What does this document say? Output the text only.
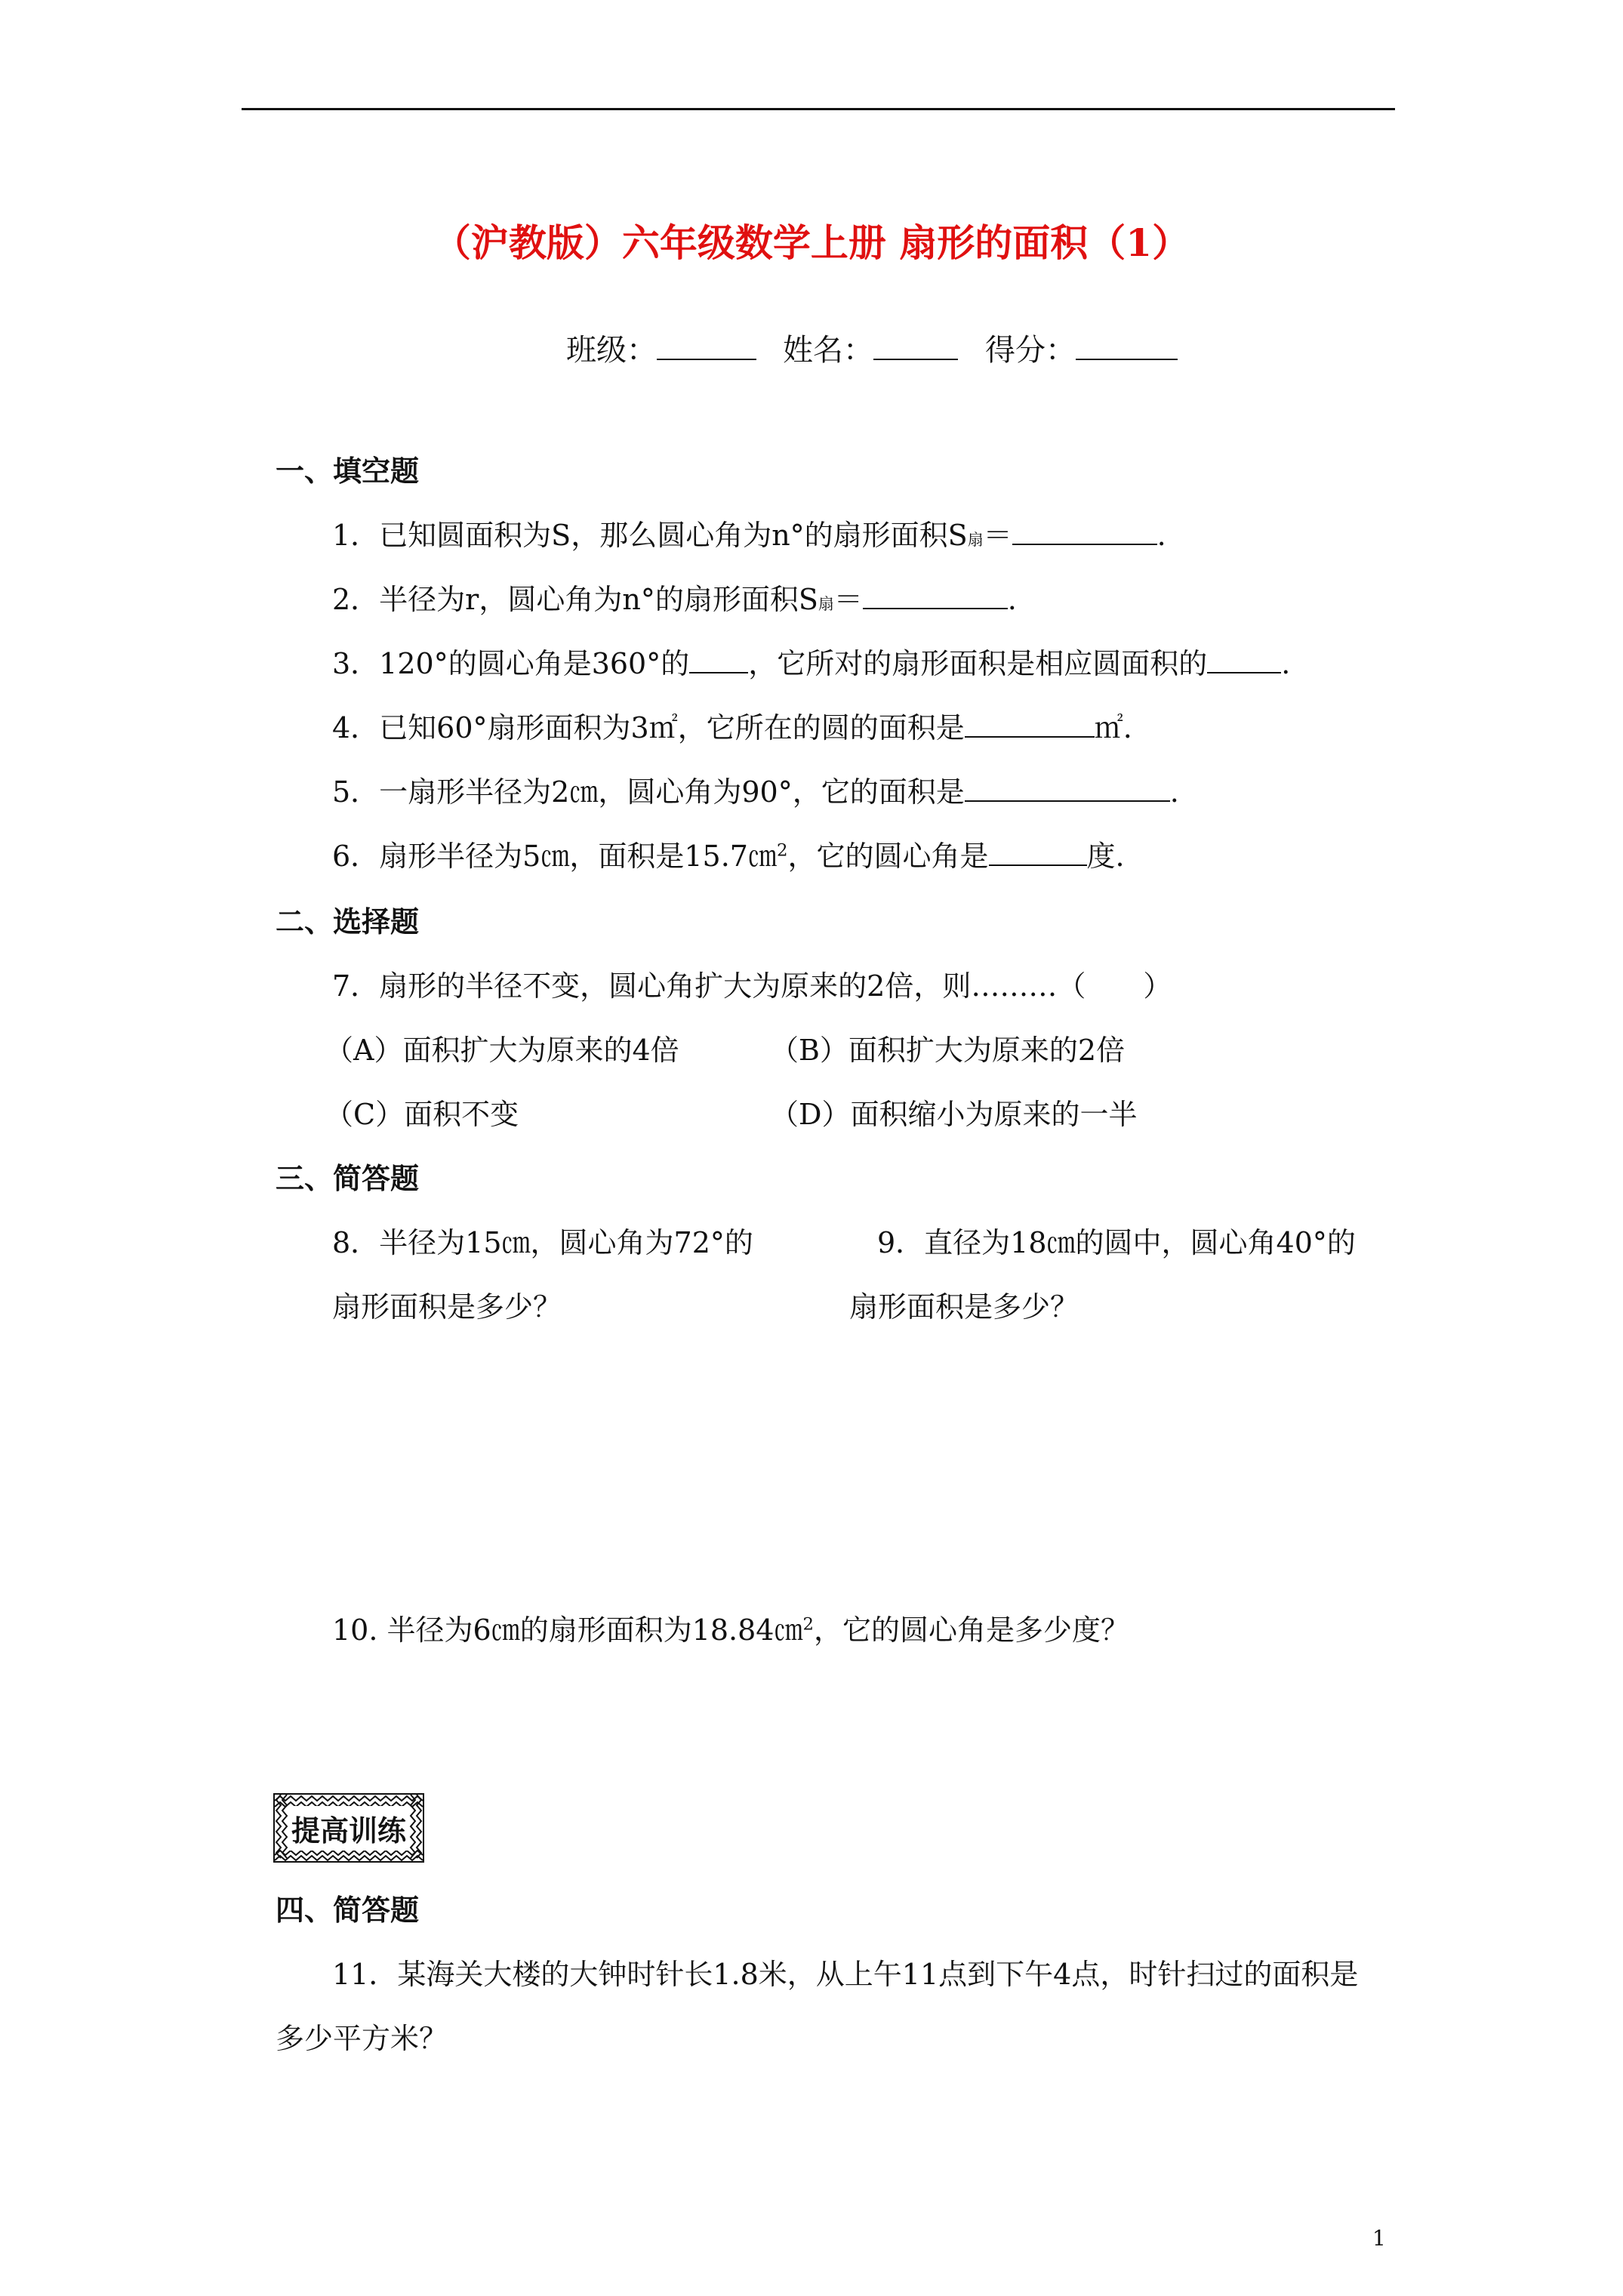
（沪教版）六年级数学上册 扇形的面积（1）
班级：	姓名：	得分：
一、填空题
1．已知圆面积为S，那么圆心角为n°的扇形面积S扇＝	.
2．半径为r，圆心角为n°的扇形面积S扇＝	.
3．120°的圆心角是360°的 ，它所对的扇形面积是相应圆面积的	.
4．已知60°扇形面积为3㎡，它所在的圆的面积是	㎡.
5．一扇形半径为2㎝，圆心角为90°，它的面积是	.
6．扇形半径为5㎝，面积是15.7㎝$^2$，它的圆心角是	度.
二、选择题
7．扇形的半径不变，圆心角扩大为原来的2倍，则………（　　）
（A）面积扩大为原来的4倍	（B）面积扩大为原来的2倍
（C）面积不变	（D）面积缩小为原来的一半
三、简答题
8．半径为15㎝，圆心角为72°的
扇形面积是多少？
9．直径为18㎝的圆中，圆心角40°的
扇形面积是多少？
10. 半径为6㎝的扇形面积为18.84㎝$^2$，它的圆心角是多少度？
提高训练
四、简答题
11．某海关大楼的大钟时针长1.8米，从上午11点到下午4点，时针扫过的面积是
多少平方米？
1
